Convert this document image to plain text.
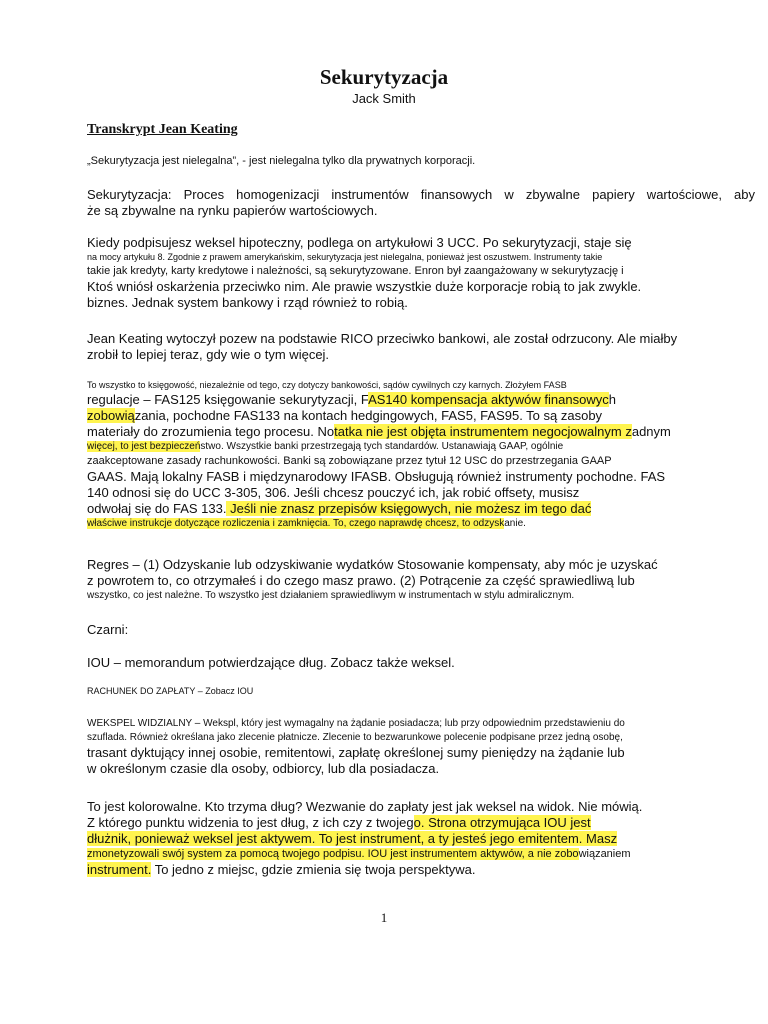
Sekurytyzacja
Jack Smith
Transkrypt Jean Keating
„Sekurytyzacja jest nielegalna”, - jest nielegalna tylko dla prywatnych korporacji.
Sekurytyzacja: Proces homogenizacji instrumentów finansowych w zbywalne papiery wartościowe, aby
że są zbywalne na rynku papierów wartościowych.
Kiedy podpisujesz weksel hipoteczny, podlega on artykułowi 3 UCC. Po sekurytyzacji, staje się
na mocy artykułu 8. Zgodnie z prawem amerykańskim, sekurytyzacja jest nielegalna, ponieważ jest oszustwem. Instrumenty takie
takie jak kredyty, karty kredytowe i należności, są sekurytyzowane. Enron był zaangażowany w sekurytyzację i
Ktoś wniósł oskarżenia przeciwko nim. Ale prawie wszystkie duże korporacje robią to jak zwykle.
biznes. Jednak system bankowy i rząd również to robią.
Jean Keating wytoczył pozew na podstawie RICO przeciwko bankowi, ale został odrzucony. Ale miałby
zrobił to lepiej teraz, gdy wie o tym więcej.
To wszystko to księgowość, niezależnie od tego, czy dotyczy bankowości, sądów cywilnych czy karnych. Złożyłem FASB
regulacje – FAS125 księgowanie sekurytyzacji, FAS140 kompensacja aktywów finansowych
zobowiązania, pochodne FAS133 na kontach hedgingowych, FAS5, FAS95. To są zasoby
materiały do zrozumienia tego procesu. Notatka nie jest objęta instrumentem negocjowalnym zadnym
więcej, to jest bezpieczeństwo. Wszystkie banki przestrzegają tych standardów. Ustanawiają GAAP, ogólnie
zaakceptowane zasady rachunkowości. Banki są zobowiązane przez tytuł 12 USC do przestrzegania GAAP
GAAS. Mają lokalny FASB i międzynarodowy IFASB. Obsługują również instrumenty pochodne. FAS
140 odnosi się do UCC 3-305, 306. Jeśli chcesz pouczyć ich, jak robić offsety, musisz
odwołaj się do FAS 133. Jeśli nie znasz przepisów księgowych, nie możesz im tego dać
właściwe instrukcje dotyczące rozliczenia i zamknięcia. To, czego naprawdę chcesz, to odzyskanie.
Regres – (1) Odzyskanie lub odzyskiwanie wydatków Stosowanie kompensaty, aby móc je uzyskać
z powrotem to, co otrzymałeś i do czego masz prawo. (2) Potrącenie za część sprawiedliwą lub
wszystko, co jest należne. To wszystko jest działaniem sprawiedliwym w instrumentach w stylu admiralicznym.
Czarni:
IOU – memorandum potwierdzające dług. Zobacz także weksel.
RACHUNEK DO ZAPŁATY – Zobacz IOU
WEKSPEL WIDZIALNY – Wekspl, który jest wymagalny na żądanie posiadacza; lub przy odpowiednim przedstawieniu do
szuflada. Również określana jako zlecenie płatnicze. Zlecenie to bezwarunkowe polecenie podpisane przez jedną osobę,
trasant dyktujący innej osobie, remitentowi, zapłatę określonej sumy pieniędzy na żądanie lub
w określonym czasie dla osoby, odbiorcy, lub dla posiadacza.
To jest kolorowalne. Kto trzyma dług? Wezwanie do zapłaty jest jak weksel na widok. Nie mówią.
Z którego punktu widzenia to jest dług, z ich czy z twojego. Strona otrzymująca IOU jest
dłużnik, ponieważ weksel jest aktywem. To jest instrument, a ty jesteś jego emitentem. Masz
zmonetyzowali swój system za pomocą twojego podpisu. IOU jest instrumentem aktywów, a nie zobowiązaniem
instrument. To jedno z miejsc, gdzie zmienia się twoja perspektywa.
1
